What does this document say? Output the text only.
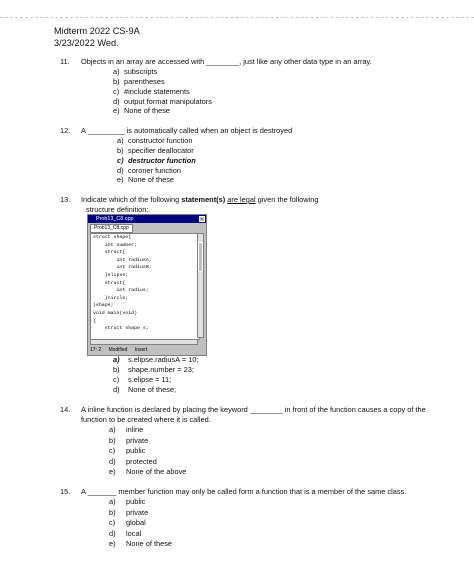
Midterm 2022 CS-9A
3/23/2022 Wed.
11. Objects in an array are accessed with ________, just like any other data type in an array.
a) subscripts
b) parentheses
c) #include statements
d) output format manipulators
e) None of these
12. A _________ is automatically called when an object is destroyed
a) constructor function
b) specifier deallocator
c) destructor function
d) coroner function
e) None of these
13. Indicate which of the following statement(s) are legal given the following
structure definition:
Prob13_C8.cpp	x
Prob13_C8.cpp
struct shape{
int number;
struct{
int radiusA;
int radiusB;
}elipse;
struct{
int radius;
}circle;
}shape;
void main(void)
{
struct shape s;
17: 2 Modified Insert
a) s.elipse.radiusA = 10;
b) shape.number = 23;
c) s.elipse = 11;
d) None of these;
14. A inline function is declared by placing the keyword ________ in front of the function causes a copy of the
function to be created where it is called.
a) inline
b) private
c) public
d) protected
e) None of the above
15. A _______ member function may only be called form a function that is a member of the same class.
a) public
b) private
c) global
d) local
e) None of these
